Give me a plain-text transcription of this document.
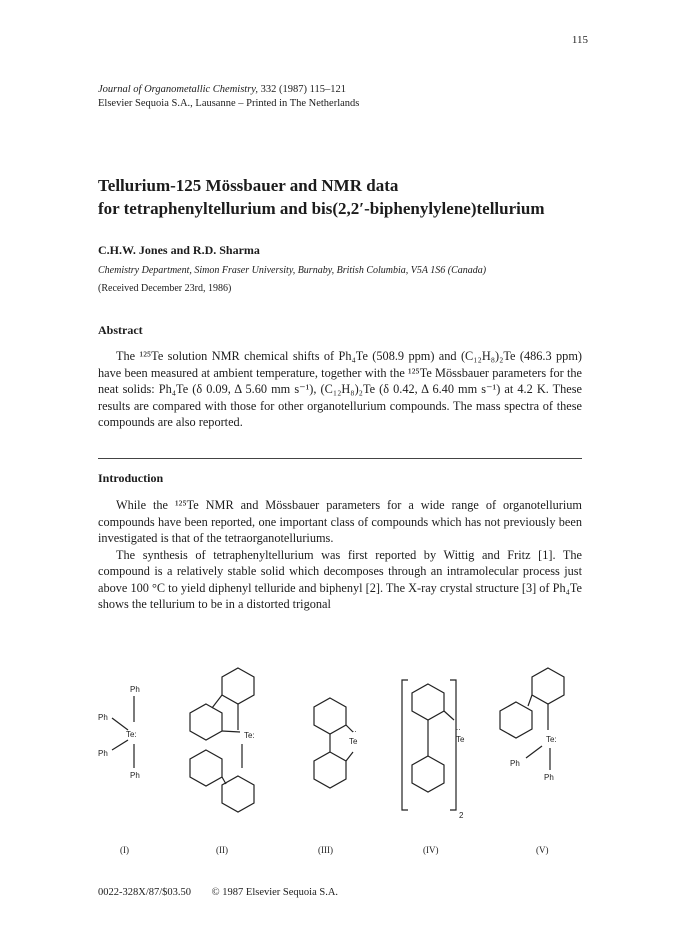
115
Journal of Organometallic Chemistry, 332 (1987) 115–121
Elsevier Sequoia S.A., Lausanne – Printed in The Netherlands
Tellurium-125 Mössbauer and NMR data
for tetraphenyltellurium and bis(2,2′-biphenylylene)tellurium
C.H.W. Jones and R.D. Sharma
Chemistry Department, Simon Fraser University, Burnaby, British Columbia, V5A 1S6 (Canada)
(Received December 23rd, 1986)
Abstract

The ¹²⁵Te solution NMR chemical shifts of Ph₄Te (508.9 ppm) and (C₁₂H₈)₂Te (486.3 ppm) have been measured at ambient temperature, together with the ¹²⁵Te Mössbauer parameters for the neat solids: Ph₄Te (δ 0.09, Δ 5.60 mm s⁻¹), (C₁₂H₈)₂Te (δ 0.42, Δ 6.40 mm s⁻¹) at 4.2 K. These results are compared with those for other organotellurium compounds. The mass spectra of these compounds are also reported.

Introduction

While the ¹²⁵Te NMR and Mössbauer parameters for a wide range of organotellurium compounds have been reported, one important class of compounds which has not previously been investigated is that of the tetraorganotelluriums.

The synthesis of tetraphenyltellurium was first reported by Wittig and Fritz [1]. The compound is a relatively stable solid which decomposes through an intramolecular process just above 100 °C to yield diphenyl telluride and biphenyl [2]. The X-ray crystal structure [3] of Ph₄Te shows the tellurium to be in a distorted trigonal

Ph
Ph
Te:
Ph
Ph
Te:
..
Te
..
Te
2
Te:
Ph
Ph
(I)	(II)	(III)	(IV)	(V)
0022-328X/87/$03.50 © 1987 Elsevier Sequoia S.A.
